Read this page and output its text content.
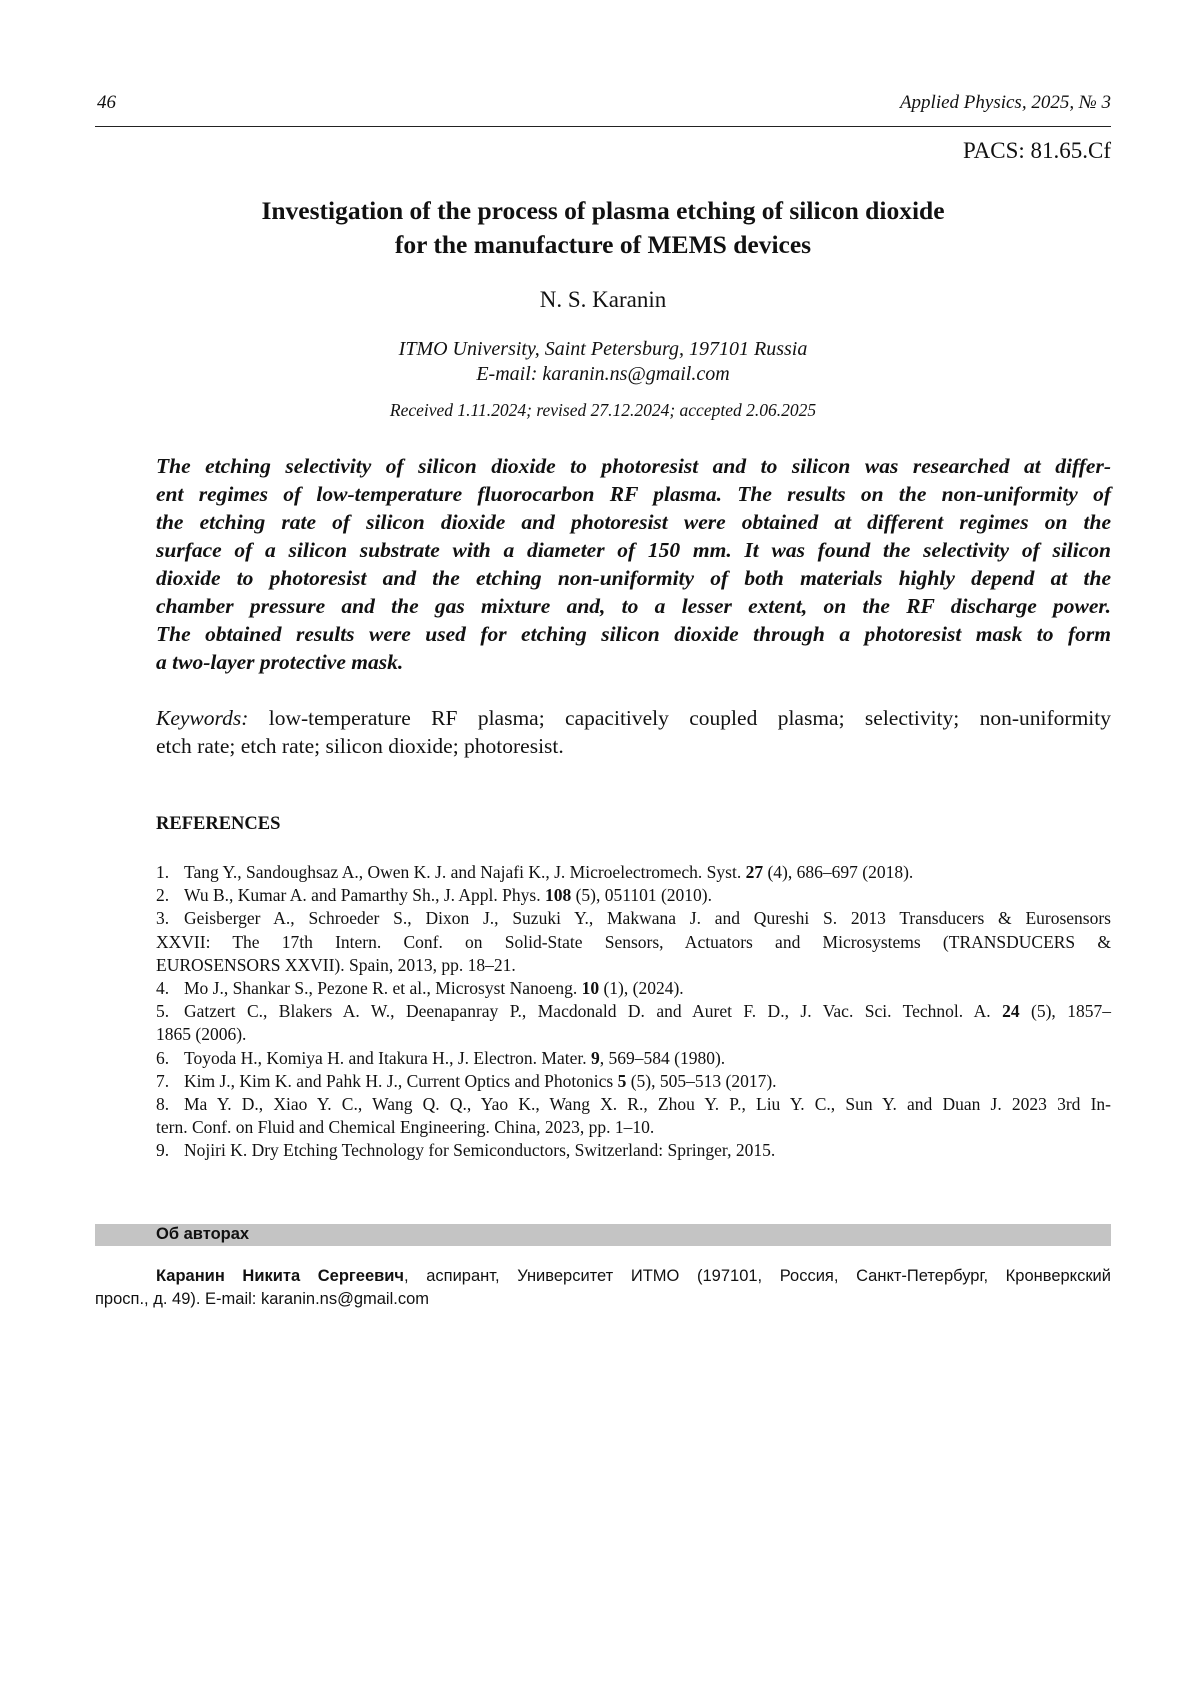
46	Applied Physics, 2025, № 3
PACS: 81.65.Cf
Investigation of the process of plasma etching of silicon dioxide
for the manufacture of MEMS devices
N. S. Karanin
ITMO University, Saint Petersburg, 197101 Russia
E-mail: karanin.ns@gmail.com
Received 1.11.2024; revised 27.12.2024; accepted 2.06.2025
The etching selectivity of silicon dioxide to photoresist and to silicon was researched at differ-
ent regimes of low-temperature fluorocarbon RF plasma. The results on the non-uniformity of
the etching rate of silicon dioxide and photoresist were obtained at different regimes on the
surface of a silicon substrate with a diameter of 150 mm. It was found the selectivity of silicon
dioxide to photoresist and the etching non-uniformity of both materials highly depend at the
chamber pressure and the gas mixture and, to a lesser extent, on the RF discharge power.
The obtained results were used for etching silicon dioxide through a photoresist mask to form
a two-layer protective mask.
Keywords: low-temperature RF plasma; capacitively coupled plasma; selectivity; non-uniformity
etch rate; etch rate; silicon dioxide; photoresist.
REFERENCES
1. Tang Y., Sandoughsaz A., Owen K. J. and Najafi K., J. Microelectromech. Syst. 27 (4), 686–697 (2018).
2. Wu B., Kumar A. and Pamarthy Sh., J. Appl. Phys. 108 (5), 051101 (2010).
3. Geisberger A., Schroeder S., Dixon J., Suzuki Y., Makwana J. and Qureshi S. 2013 Transducers & Eurosensors
XXVII: The 17th Intern. Conf. on Solid-State Sensors, Actuators and Microsystems (TRANSDUCERS &
EUROSENSORS XXVII). Spain, 2013, pp. 18–21.
4. Mo J., Shankar S., Pezone R. et al., Microsyst Nanoeng. 10 (1), (2024).
5. Gatzert C., Blakers A. W., Deenapanray P., Macdonald D. and Auret F. D., J. Vac. Sci. Technol. A. 24 (5), 1857–
1865 (2006).
6. Toyoda H., Komiya H. and Itakura H., J. Electron. Mater. 9, 569–584 (1980).
7. Kim J., Kim K. and Pahk H. J., Current Optics and Photonics 5 (5), 505–513 (2017).
8. Ma Y. D., Xiao Y. C., Wang Q. Q., Yao K., Wang X. R., Zhou Y. P., Liu Y. C., Sun Y. and Duan J. 2023 3rd In-
tern. Conf. on Fluid and Chemical Engineering. China, 2023, pp. 1–10.
9. Nojiri K. Dry Etching Technology for Semiconductors, Switzerland: Springer, 2015.
Об авторах
Каранин Никита Сергеевич, аспирант, Университет ИТМО (197101, Россия, Санкт-Петербург, Кронверкский
просп., д. 49). E-mail: karanin.ns@gmail.com
